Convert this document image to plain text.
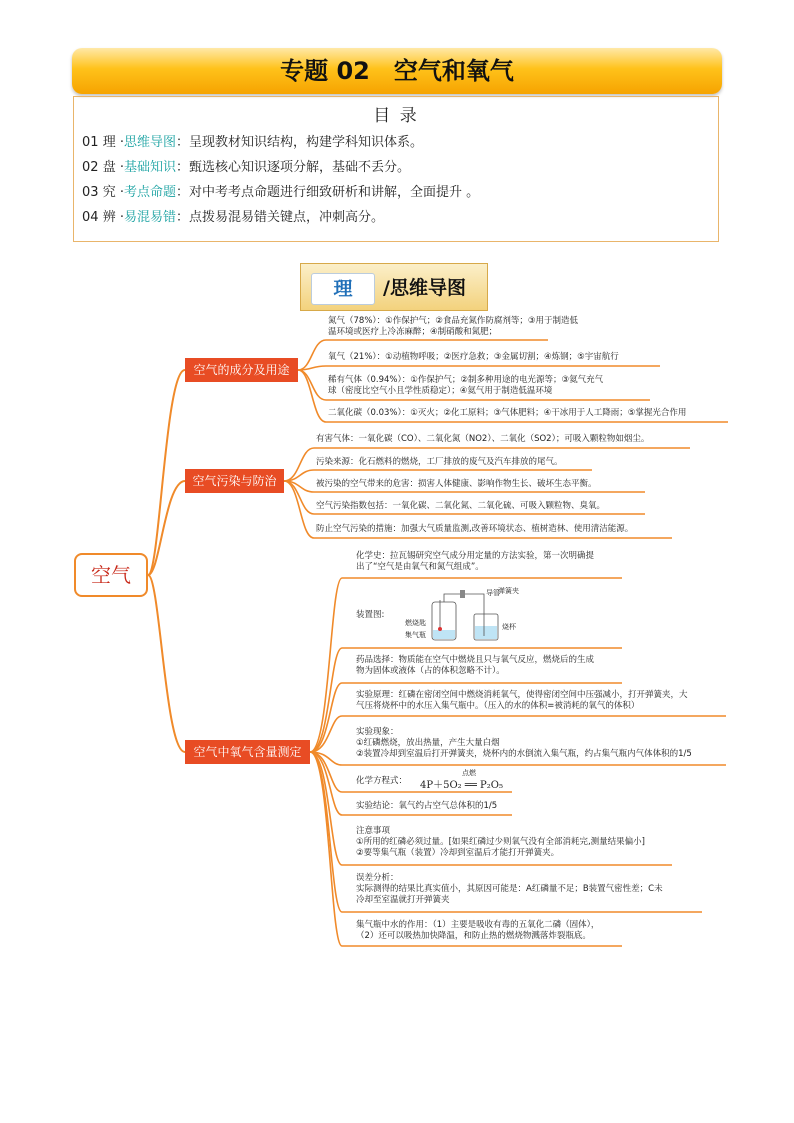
专题 02　空气和氧气
目 录
01 理 ·思维导图：呈现教材知识结构，构建学科知识体系。
02 盘 ·基础知识：甄选核心知识逐项分解，基础不丢分。
03 究 ·考点命题：对中考考点命题进行细致研析和讲解，全面提升 。
04 辨 ·易混易错：点拨易混易错关键点，冲刺高分。
理	/思维导图
空气
空气的成分及用途
空气污染与防治
空气中氧气含量测定
氮气（78%）：①作保护气；②食品充氮作防腐剂等；③用于制造低
温环境或医疗上冷冻麻醉；④制硝酸和氮肥；
氧气（21%）：①动植物呼吸；②医疗急救；③金属切割；④炼钢；⑤宇宙航行
稀有气体（0.94%）：①作保护气；②制多种用途的电光源等；③氦气充气
球（密度比空气小且学性质稳定）；④氦气用于制造低温环境
二氧化碳（0.03%）：①灭火；②化工原料；③气体肥料；④干冰用于人工降雨；⑤掌握光合作用
有害气体：一氧化碳（CO）、二氧化氮（NO2）、二氧化（SO2）；可吸入颗粒物如烟尘。
污染来源：化石燃料的燃烧，工厂排放的废气及汽车排放的尾气。
被污染的空气带来的危害：损害人体健康、影响作物生长、破坏生态平衡。
空气污染指数包括：一氧化碳、二氧化氮、二氧化硫、可吸入颗粒物、臭氧。
防止空气污染的措施：加强大气质量监测,改善环境状态、植树造林、使用清洁能源。
化学史：拉瓦锡研究空气成分用定量的方法实验，第一次明确提
出了“空气是由氧气和氮气组成”。
装置图:
弹簧夹
导管
燃烧匙
集气瓶
烧杯
药品选择：物质能在空气中燃烧且只与氧气反应，燃烧后的生成
物为固体或液体（占的体积忽略不计）。
实验原理：红磷在密闭空间中燃烧消耗氧气，使得密闭空间中压强减小，打开弹簧夹，大
气压将烧杯中的水压入集气瓶中。（压入的水的体积=被消耗的氧气的体积）
实验现象：
①红磷燃烧，放出热量，产生大量白烟
②装置冷却到室温后打开弹簧夹，烧杯内的水倒流入集气瓶，约占集气瓶内气体体积的1/5
化学方程式：
点燃
4P＋5O₂ ══ P₂O₅
实验结论：氧气约占空气总体积的1/5
注意事项
①所用的红磷必须过量。[如果红磷过少则氧气没有全部消耗完,测量结果偏小]
②要等集气瓶（装置）冷却到室温后才能打开弹簧夹。
误差分析：
实际测得的结果比真实值小，其原因可能是：A红磷量不足；B装置气密性差；C未
冷却至室温就打开弹簧夹
集气瓶中水的作用：（1）主要是吸收有毒的五氧化二磷（固体），
（2）还可以吸热加快降温，和防止热的燃烧物溅落炸裂瓶底。
